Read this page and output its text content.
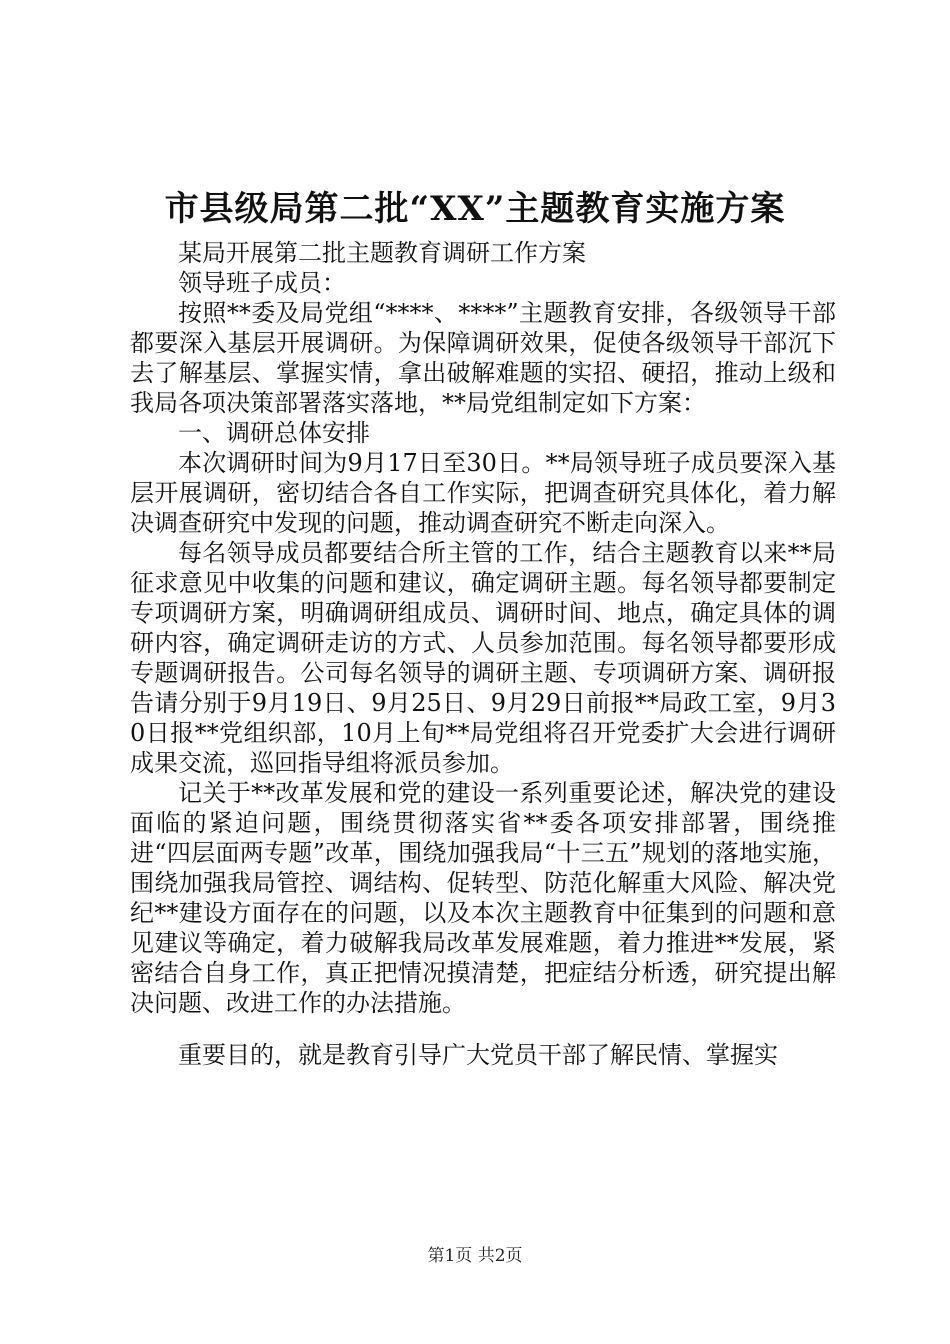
市县级局第二批“XX”主题教育实施方案

某局开展第二批主题教育调研工作方案

领导班子成员：

按照**委及局党组“****、****”主题教育安排，各级领导干部都要深入基层开展调研。为保障调研效果，促使各级领导干部沉下去了解基层、掌握实情，拿出破解难题的实招、硬招，推动上级和我局各项决策部署落实落地，**局党组制定如下方案：

一、调研总体安排

本次调研时间为9月17日至30日。**局领导班子成员要深入基层开展调研，密切结合各自工作实际，把调查研究具体化，着力解决调查研究中发现的问题，推动调查研究不断走向深入。

每名领导成员都要结合所主管的工作，结合主题教育以来**局征求意见中收集的问题和建议，确定调研主题。每名领导都要制定专项调研方案，明确调研组成员、调研时间、地点，确定具体的调研内容，确定调研走访的方式、人员参加范围。每名领导都要形成专题调研报告。公司每名领导的调研主题、专项调研方案、调研报告请分别于9月19日、9月25日、9月29日前报**局政工室，9月30日报**党组织部，10月上旬**局党组将召开党委扩大会进行调研成果交流，巡回指导组将派员参加。

记关于**改革发展和党的建设一系列重要论述，解决党的建设面临的紧迫问题，围绕贯彻落实省**委各项安排部署，围绕推进“四层面两专题”改革，围绕加强我局“十三五”规划的落地实施，围绕加强我局管控、调结构、促转型、防范化解重大风险、解决党纪**建设方面存在的问题，以及本次主题教育中征集到的问题和意见建议等确定，着力破解我局改革发展难题，着力推进**发展，紧密结合自身工作，真正把情况摸清楚，把症结分析透，研究提出解决问题、改进工作的办法措施。

重要目的，就是教育引导广大党员干部了解民情、掌握实

第1页 共2页
